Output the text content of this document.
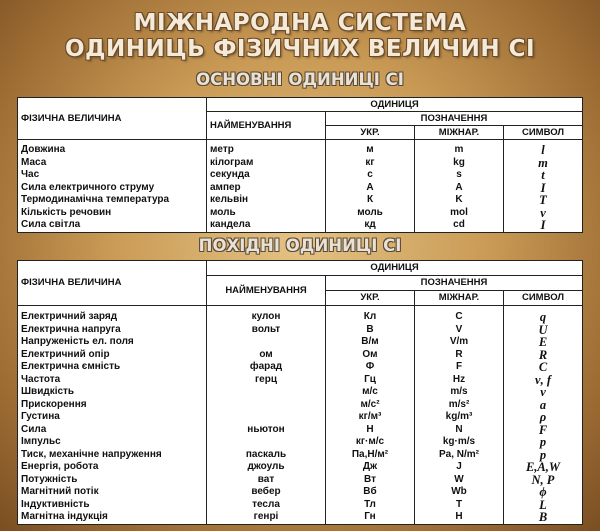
МІЖНАРОДНА СИСТЕМА
ОДИНИЦЬ ФІЗИЧНИХ ВЕЛИЧИН СІ
ОСНОВНІ ОДИНИЦІ СІ
ФІЗИЧНА ВЕЛИЧИНА	ОДИНИЦЯ			
	НАЙМЕНУВАННЯ	ПОЗНАЧЕННЯ		
		УКР.	МІЖНАР.	СИМВОЛ
Довжина	метр	м	m	l
Маса	кілограм	кг	kg	m
Час	секунда	с	s	t
Сила електричного струму	ампер	А	A	I
Термодинамічна температура	кельвін	К	K	T
Кількість речовин	моль	моль	mol	ν
Сила світла	кандела	кд	cd	I
ПОХІДНІ ОДИНИЦІ СІ
ФІЗИЧНА ВЕЛИЧИНА	ОДИНИЦЯ			
	НАЙМЕНУВАННЯ	ПОЗНАЧЕННЯ		
		УКР.	МІЖНАР.	СИМВОЛ
Електричний заряд	кулон	Кл	C	q
Електрична напруга	вольт	В	V	U
Напруженість ел. поля		В/м	V/m	E
Електричний опір	ом	Ом	R	R
Електрична ємність	фарад	Ф	F	C
Частота	герц	Гц	Hz	ν, f
Швидкість		м/с	m/s	v
Прискорення		м/с²	m/s²	a
Густина		кг/м³	kg/m³	ρ
Сила	ньютон	Н	N	F
Імпульс		кг·м/с	kg·m/s	p
Тиск, механічне напруження	паскаль	Па,Н/м²	Pa, N/m²	p
Енергія, робота	джоуль	Дж	J	E,A,W
Потужність	ват	Вт	W	N, P
Магнітний потік	вебер	Вб	Wb	ϕ
Індуктивність	тесла	Тл	T	L
Магнітна індукція	генрі	Гн	H	B
